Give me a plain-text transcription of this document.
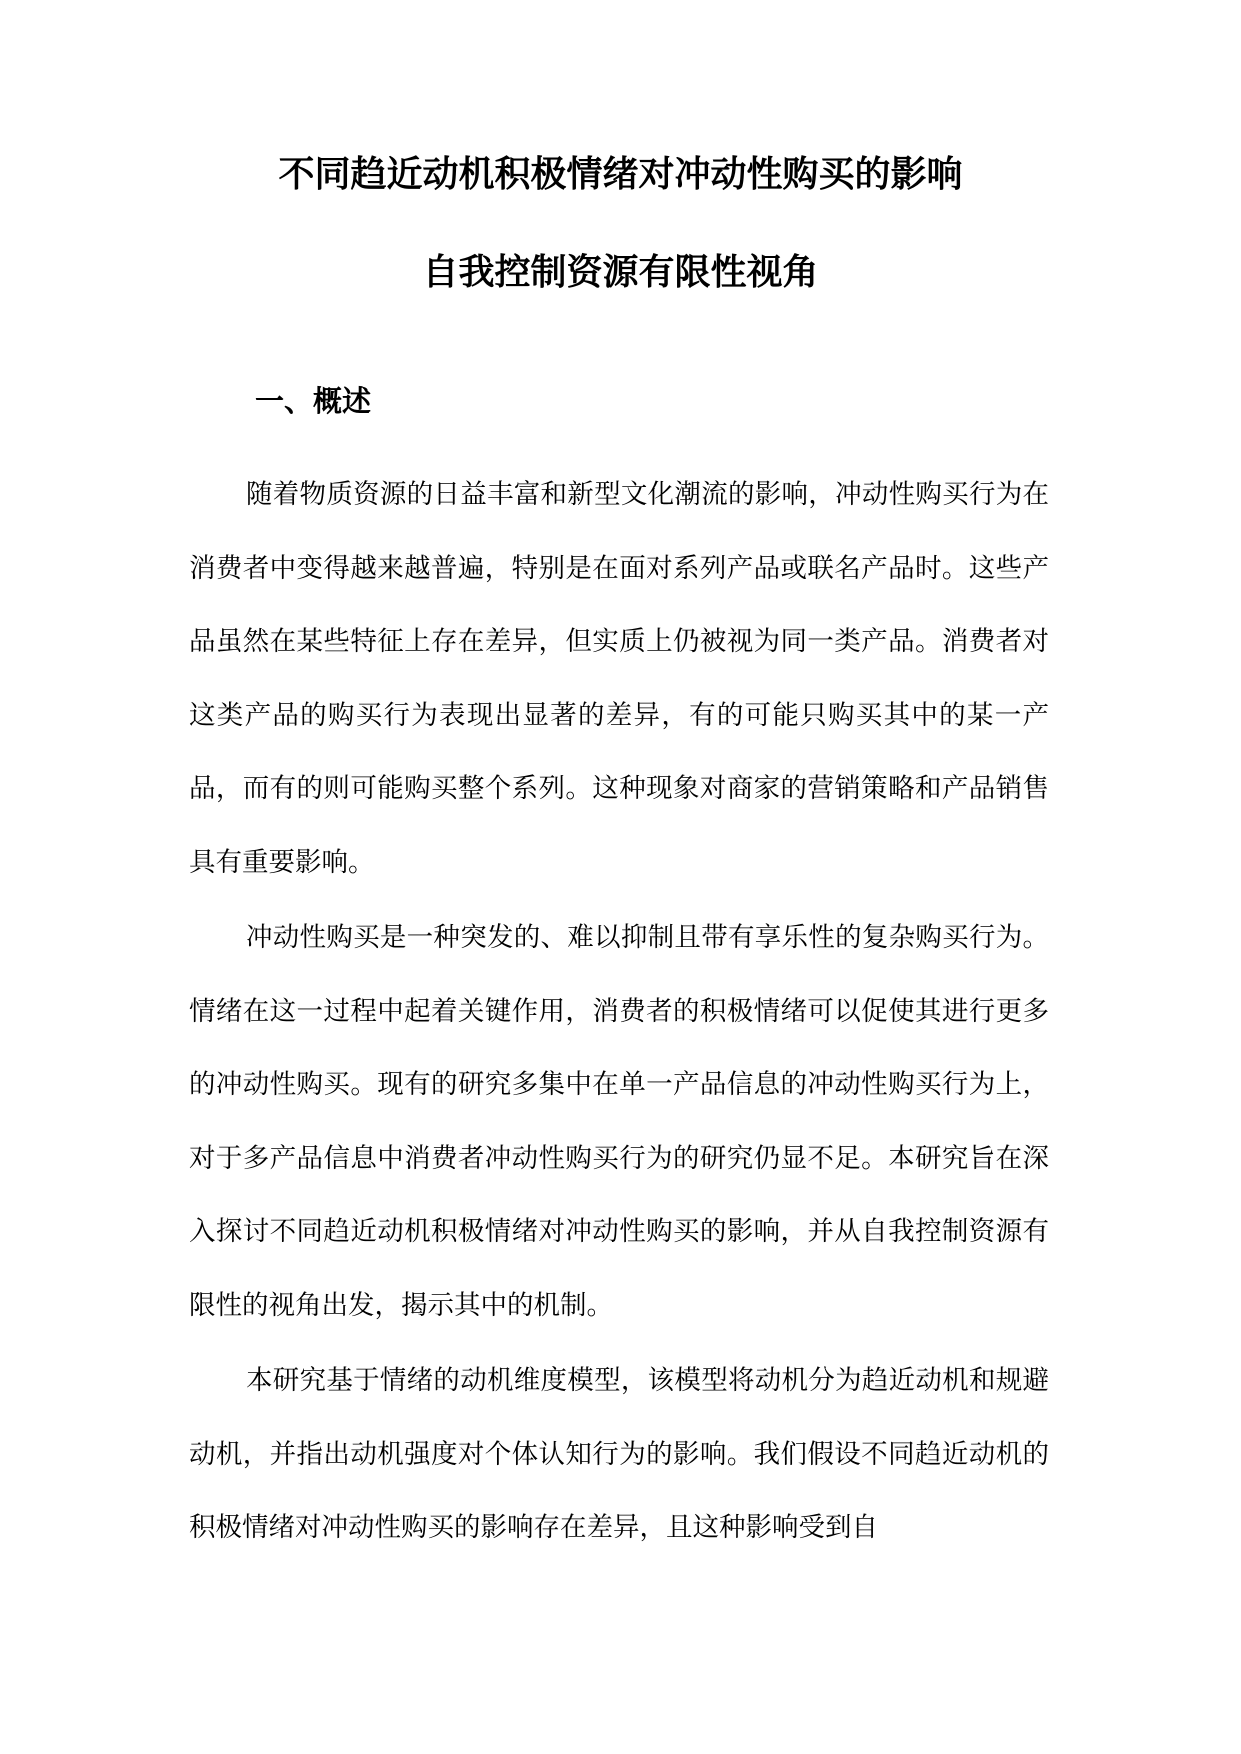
不同趋近动机积极情绪对冲动性购买的影响
自我控制资源有限性视角
一、概述

随着物质资源的日益丰富和新型文化潮流的影响，冲动性购买行为在消费者中变得越来越普遍，特别是在面对系列产品或联名产品时。这些产品虽然在某些特征上存在差异，但实质上仍被视为同一类产品。消费者对这类产品的购买行为表现出显著的差异，有的可能只购买其中的某一产品，而有的则可能购买整个系列。这种现象对商家的营销策略和产品销售具有重要影响。

冲动性购买是一种突发的、难以抑制且带有享乐性的复杂购买行为。情绪在这一过程中起着关键作用，消费者的积极情绪可以促使其进行更多的冲动性购买。现有的研究多集中在单一产品信息的冲动性购买行为上，对于多产品信息中消费者冲动性购买行为的研究仍显不足。本研究旨在深入探讨不同趋近动机积极情绪对冲动性购买的影响，并从自我控制资源有限性的视角出发，揭示其中的机制。

本研究基于情绪的动机维度模型，该模型将动机分为趋近动机和规避动机，并指出动机强度对个体认知行为的影响。我们假设不同趋近动机的积极情绪对冲动性购买的影响存在差异，且这种影响受到自
